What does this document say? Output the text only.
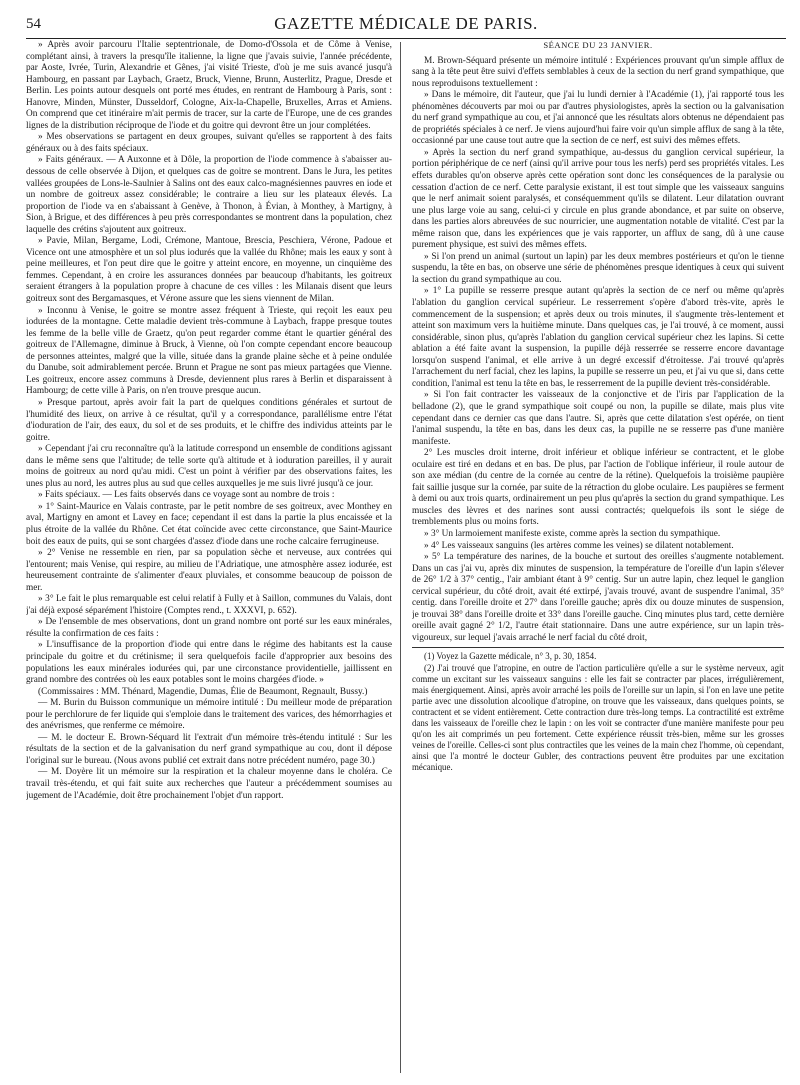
54	GAZETTE MÉDICALE DE PARIS.

» Après avoir parcouru l'Italie septentrionale, de Domo-d'Ossola et de Côme à Venise, complétant ainsi, à travers la presqu'île italienne, la ligne que j'avais suivie, l'année précédente, par Aoste, Ivrée, Turin, Alexandrie et Gênes, j'ai visité Trieste, d'où je me suis avancé jusqu'à Hambourg, en passant par Laybach, Graetz, Bruck, Vienne, Brunn, Austerlitz, Prague, Dresde et Berlin. Les points autour desquels ont porté mes études, en rentrant de Hambourg à Paris, sont : Hanovre, Minden, Münster, Dusseldorf, Cologne, Aix-la-Chapelle, Bruxelles, Arras et Amiens. On comprend que cet itinéraire m'ait permis de tracer, sur la carte de l'Europe, une de ces grandes lignes de la distribution réciproque de l'iode et du goitre qui devront être un jour complétées.

» Mes observations se partagent en deux groupes, suivant qu'elles se rapportent à des faits généraux ou à des faits spéciaux.

» Faits généraux. — A Auxonne et à Dôle, la proportion de l'iode commence à s'abaisser au-dessous de celle observée à Dijon, et quelques cas de goitre se montrent. Dans le Jura, les petites vallées groupées de Lons-le-Saulnier à Salins ont des eaux calco-magnésiennes pauvres en iode et un nombre de goitreux assez considérable; le contraire a lieu sur les plateaux élevés. La proportion de l'iode va en s'abaissant à Genève, à Thonon, à Évian, à Monthey, à Martigny, à Sion, à Brigue, et des différences à peu près correspondantes se montrent dans la population, chez laquelle des crétins s'ajoutent aux goitreux.

» Pavie, Milan, Bergame, Lodi, Crémone, Mantoue, Brescia, Peschiera, Vérone, Padoue et Vicence ont une atmosphère et un sol plus iodurés que la vallée du Rhône; mais les eaux y sont à peine meilleures, et l'on peut dire que le goitre y atteint encore, en moyenne, un cinquième des femmes. Cependant, à en croire les assurances données par beaucoup d'habitants, les goitreux seraient étrangers à la population propre à chacune de ces villes : les Milanais disent que leurs goitreux sont des Bergamasques, et Vérone assure que les siens viennent de Milan.

» Inconnu à Venise, le goitre se montre assez fréquent à Trieste, qui reçoit les eaux peu iodurées de la montagne. Cette maladie devient très-commune à Laybach, frappe presque toutes les femme de la belle ville de Graetz, qu'on peut regarder comme étant le quartier général des goitreux de l'Allemagne, diminue à Bruck, à Vienne, où l'on compte cependant encore beaucoup de personnes atteintes, malgré que la ville, située dans la grande plaine sèche et à peine ondulée du Danube, soit admirablement percée. Brunn et Prague ne sont pas mieux partagées que Vienne. Les goitreux, encore assez communs à Dresde, deviennent plus rares à Berlin et disparaissent à Hambourg; de cette ville à Paris, on n'en trouve presque aucun.

» Presque partout, après avoir fait la part de quelques conditions générales et surtout de l'humidité des lieux, on arrive à ce résultat, qu'il y a correspondance, parallélisme entre l'état d'ioduration de l'air, des eaux, du sol et de ses produits, et le chiffre des individus atteints par le goitre.

» Cependant j'ai cru reconnaître qu'à la latitude correspond un ensemble de conditions agissant dans le même sens que l'altitude; de telle sorte qu'à altitude et à ioduration pareilles, il y aurait moins de goitreux au nord qu'au midi. C'est un point à vérifier par des observations faites, les unes plus au nord, les autres plus au sud que celles auxquelles je me suis livré jusqu'à ce jour.

» Faits spéciaux. — Les faits observés dans ce voyage sont au nombre de trois :

» 1° Saint-Maurice en Valais contraste, par le petit nombre de ses goitreux, avec Monthey en aval, Martigny en amont et Lavey en face; cependant il est dans la partie la plus encaissée et la plus étroite de la vallée du Rhône. Cet état coïncide avec cette circonstance, que Saint-Maurice boit des eaux de puits, qui se sont chargées d'assez d'iode dans une roche calcaire ferrugineuse.

» 2° Venise ne ressemble en rien, par sa population sèche et nerveuse, aux contrées qui l'entourent; mais Venise, qui respire, au milieu de l'Adriatique, une atmosphère assez iodurée, est heureusement contrainte de s'alimenter d'eaux pluviales, et consomme beaucoup de poisson de mer.

» 3° Le fait le plus remarquable est celui relatif à Fully et à Saillon, communes du Valais, dont j'ai déjà exposé séparément l'histoire (Comptes rend., t. XXXVI, p. 652).

» De l'ensemble de mes observations, dont un grand nombre ont porté sur les eaux minérales, résulte la confirmation de ces faits :

» L'insuffisance de la proportion d'iode qui entre dans le régime des habitants est la cause principale du goitre et du crétinisme; il sera quelquefois facile d'approprier aux besoins des populations les eaux minérales iodurées qui, par une circonstance providentielle, jaillissent en grand nombre des contrées où les eaux potables sont le moins chargées d'iode. »

(Commissaires : MM. Thénard, Magendie, Dumas, Élie de Beaumont, Regnault, Bussy.)

— M. Burin du Buisson communique un mémoire intitulé : Du meilleur mode de préparation pour le perchlorure de fer liquide qui s'emploie dans le traitement des varices, des hémorrhagies et des anévrismes, que renferme ce mémoire.

— M. le docteur E. Brown-Séquard lit l'extrait d'un mémoire très-étendu intitulé : Sur les résultats de la section et de la galvanisation du nerf grand sympathique au cou, dont il dépose l'original sur le bureau. (Nous avons publié cet extrait dans notre précédent numéro, page 30.)

— M. Doyère lit un mémoire sur la respiration et la chaleur moyenne dans le choléra. Ce travail très-étendu, et qui fait suite aux recherches que l'auteur a précédemment soumises au jugement de l'Académie, doit être prochainement l'objet d'un rapport.

SÉANCE DU 23 JANVIER.

M. Brown-Séquard présente un mémoire intitulé : Expériences prouvant qu'un simple afflux de sang à la tête peut être suivi d'effets semblables à ceux de la section du nerf grand sympathique, que nous reproduisons textuellement :

» Dans le mémoire, dit l'auteur, que j'ai lu lundi dernier à l'Académie (1), j'ai rapporté tous les phénomènes découverts par moi ou par d'autres physiologistes, après la section ou la galvanisation du nerf grand sympathique au cou, et j'ai annoncé que les résultats alors obtenus ne dépendaient pas de propriétés spéciales à ce nerf. Je viens aujourd'hui faire voir qu'un simple afflux de sang à la tête, occasionné par une cause tout autre que la section de ce nerf, est suivi des mêmes effets.

» Après la section du nerf grand sympathique, au-dessus du ganglion cervical supérieur, la portion périphérique de ce nerf (ainsi qu'il arrive pour tous les nerfs) perd ses propriétés vitales. Les effets durables qu'on observe après cette opération sont donc les conséquences de la paralysie ou cessation d'action de ce nerf. Cette paralysie existant, il est tout simple que les vaisseaux sanguins que le nerf animait soient paralysés, et conséquemment qu'ils se dilatent. Leur dilatation ouvrant une plus large voie au sang, celui-ci y circule en plus grande abondance, et par suite on observe, dans les parties alors abreuvées de suc nourricier, une augmentation notable de vitalité. C'est par la même raison que, dans les expériences que je vais rapporter, un afflux de sang, dû à une cause purement physique, est suivi des mêmes effets.

» Si l'on prend un animal (surtout un lapin) par les deux membres postérieurs et qu'on le tienne suspendu, la tête en bas, on observe une série de phénomènes presque identiques à ceux qui suivent la section du grand sympathique au cou.

» 1° La pupille se resserre presque autant qu'après la section de ce nerf ou même qu'après l'ablation du ganglion cervical supérieur. Le resserrement s'opère d'abord très-vite, après le commencement de la suspension; et après deux ou trois minutes, il s'augmente très-lentement et atteint son maximum vers la huitième minute. Dans quelques cas, je l'ai trouvé, à ce moment, aussi considérable, sinon plus, qu'après l'ablation du ganglion cervical supérieur chez les lapins. Si cette ablation a été faite avant la suspension, la pupille déjà resserrée se resserre encore davantage lorsqu'on suspend l'animal, et elle arrive à un degré excessif d'étroitesse. J'ai trouvé qu'après l'arrachement du nerf facial, chez les lapins, la pupille se resserre un peu, et j'ai vu que si, dans cette condition, l'animal est tenu la tête en bas, le resserrement de la pupille devient très-considérable.

» Si l'on fait contracter les vaisseaux de la conjonctive et de l'iris par l'application de la belladone (2), que le grand sympathique soit coupé ou non, la pupille se dilate, mais plus vite cependant dans ce dernier cas que dans l'autre. Si, après que cette dilatation s'est opérée, on tient l'animal suspendu, la tête en bas, dans les deux cas, la pupille ne se resserre pas d'une manière manifeste.

2° Les muscles droit interne, droit inférieur et oblique inférieur se contractent, et le globe oculaire est tiré en dedans et en bas. De plus, par l'action de l'oblique inférieur, il roule autour de son axe médian (du centre de la cornée au centre de la rétine). Quelquefois la troisième paupière fait saillie jusque sur la cornée, par suite de la rétraction du globe oculaire. Les paupières se ferment à demi ou aux trois quarts, ordinairement un peu plus qu'après la section du grand sympathique. Les muscles des lèvres et des narines sont aussi contractés; quelquefois ils sont le siége de tremblements plus ou moins forts.

» 3° Un larmoiement manifeste existe, comme après la section du sympathique.

» 4° Les vaisseaux sanguins (les artères comme les veines) se dilatent notablement.

» 5° La température des narines, de la bouche et surtout des oreilles s'augmente notablement. Dans un cas j'ai vu, après dix minutes de suspension, la température de l'oreille d'un lapin s'élever de 26° 1/2 à 37° centig., l'air ambiant étant à 9° centig. Sur un autre lapin, chez lequel le ganglion cervical supérieur, du côté droit, avait été extirpé, j'avais trouvé, avant de suspendre l'animal, 35° centig. dans l'oreille droite et 27° dans l'oreille gauche; après dix ou douze minutes de suspension, je trouvai 38° dans l'oreille droite et 33° dans l'oreille gauche. Cinq minutes plus tard, cette dernière oreille avait gagné 2° 1/2, l'autre était stationnaire. Dans une autre expérience, sur un lapin très-vigoureux, sur lequel j'avais arraché le nerf facial du côté droit,

(1) Voyez la Gazette médicale, n° 3, p. 30, 1854.

(2) J'ai trouvé que l'atropine, en outre de l'action particulière qu'elle a sur le système nerveux, agit comme un excitant sur les vaisseaux sanguins : elle les fait se contracter par places, irrégulièrement, mais énergiquement. Ainsi, après avoir arraché les poils de l'oreille sur un lapin, si l'on en lave une petite partie avec une dissolution alcoolique d'atropine, on trouve que les vaisseaux, dans quelques points, se contractent et se vident entièrement. Cette contraction dure très-long temps. La contractilité est extrême dans les vaisseaux de l'oreille chez le lapin : on les voit se contracter d'une manière manifeste pour peu qu'on les ait comprimés un peu fortement. Cette expérience réussit très-bien, même sur les grosses veines de l'oreille. Celles-ci sont plus contractiles que les veines de la main chez l'homme, où cependant, ainsi que l'a montré le docteur Gubler, des contractions peuvent être produites par une excitation mécanique.
